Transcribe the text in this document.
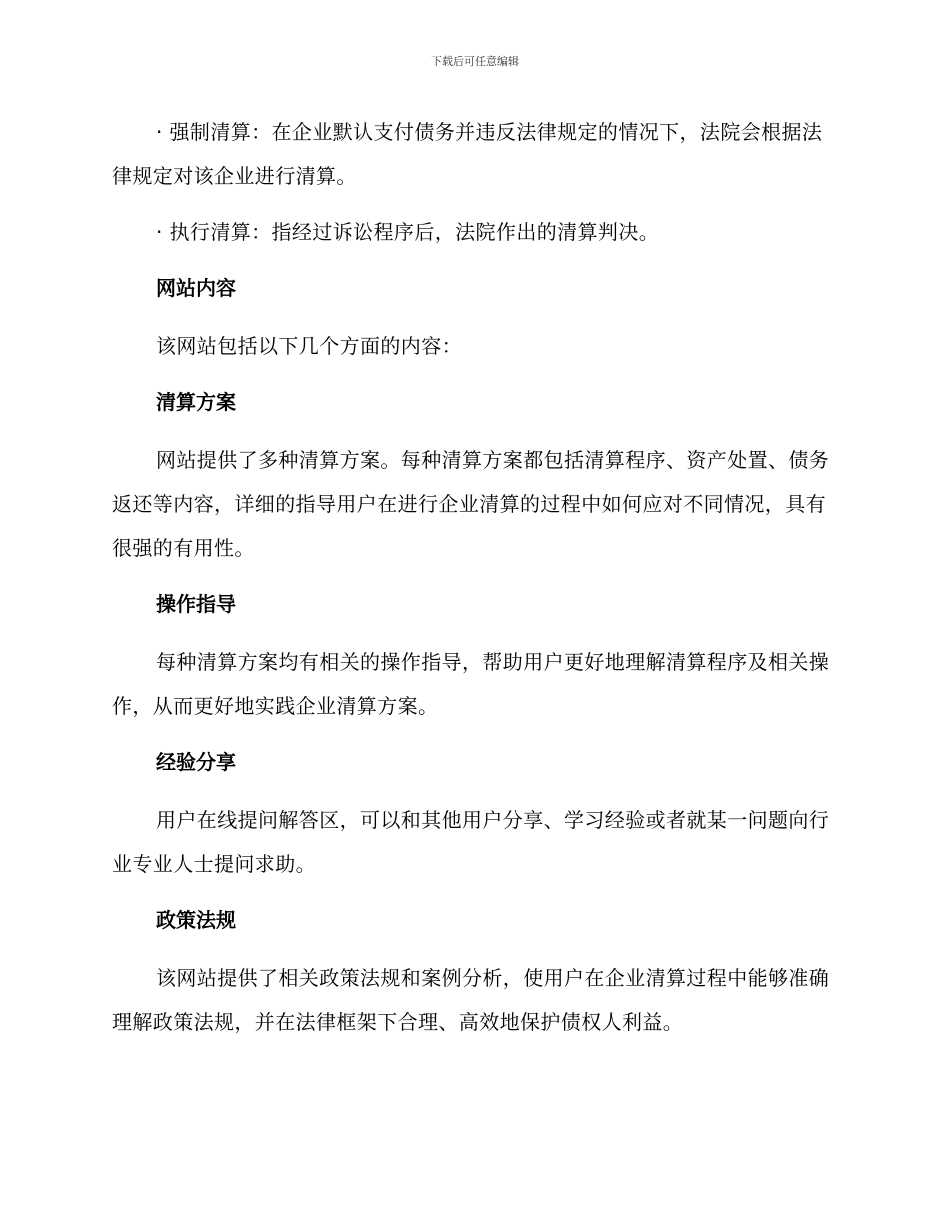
下载后可任意编辑

· 强制清算：在企业默认支付债务并违反法律规定的情况下，法院会根据法律规定对该企业进行清算。

· 执行清算：指经过诉讼程序后，法院作出的清算判决。

网站内容

该网站包括以下几个方面的内容：

清算方案

网站提供了多种清算方案。每种清算方案都包括清算程序、资产处置、债务返还等内容，详细的指导用户在进行企业清算的过程中如何应对不同情况，具有很强的有用性。

操作指导

每种清算方案均有相关的操作指导，帮助用户更好地理解清算程序及相关操作，从而更好地实践企业清算方案。

经验分享

用户在线提问解答区，可以和其他用户分享、学习经验或者就某一问题向行业专业人士提问求助。

政策法规

该网站提供了相关政策法规和案例分析，使用户在企业清算过程中能够准确理解政策法规，并在法律框架下合理、高效地保护债权人利益。
